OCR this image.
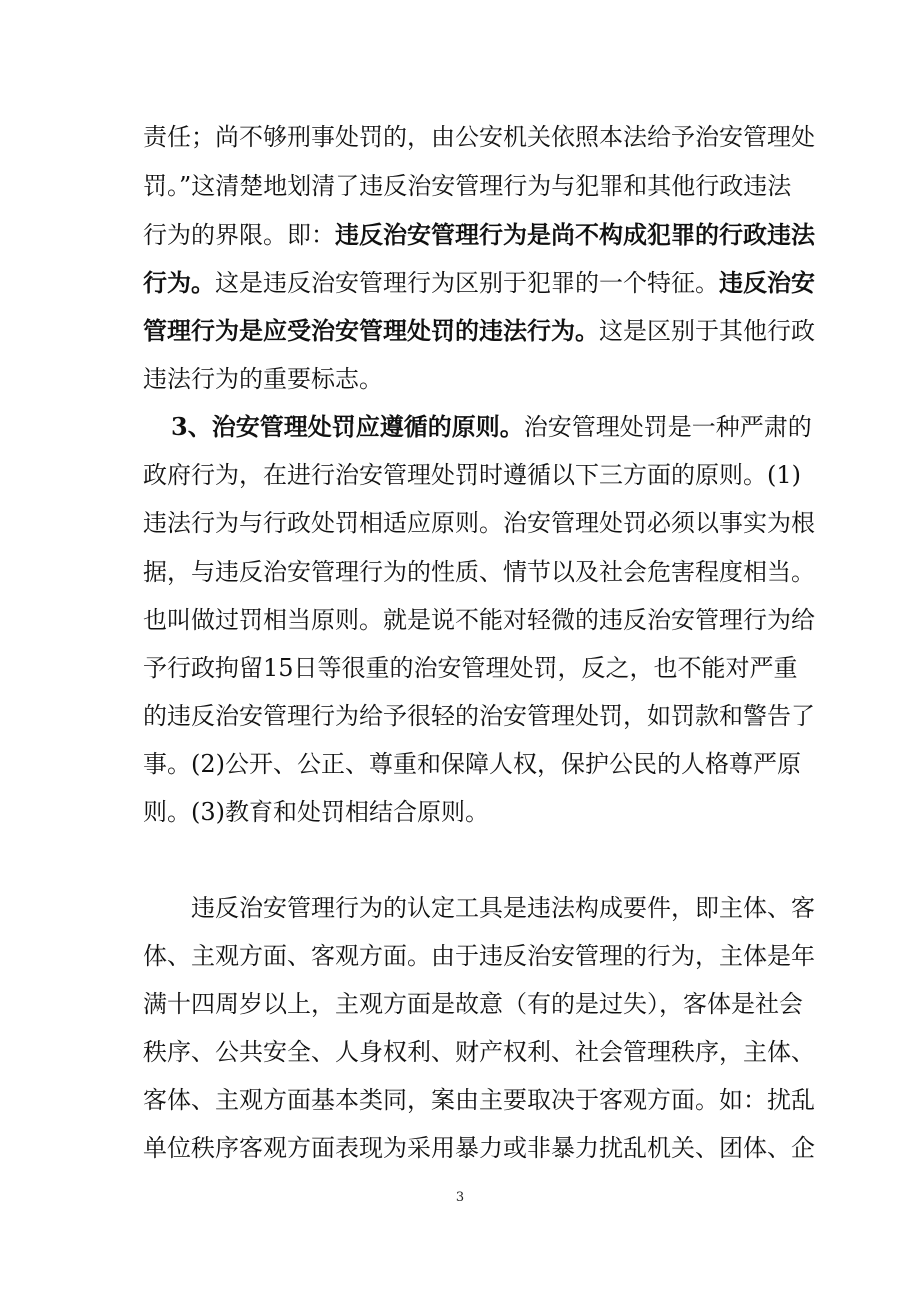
责任；尚不够刑事处罚的，由公安机关依照本法给予治安管理处
罚。”这清楚地划清了违反治安管理行为与犯罪和其他行政违法
行为的界限。即：违反治安管理行为是尚不构成犯罪的行政违法
行为。这是违反治安管理行为区别于犯罪的一个特征。违反治安
管理行为是应受治安管理处罚的违法行为。这是区别于其他行政
违法行为的重要标志。
3、治安管理处罚应遵循的原则。治安管理处罚是一种严肃的
政府行为，在进行治安管理处罚时遵循以下三方面的原则。(1)
违法行为与行政处罚相适应原则。治安管理处罚必须以事实为根
据，与违反治安管理行为的性质、情节以及社会危害程度相当。
也叫做过罚相当原则。就是说不能对轻微的违反治安管理行为给
予行政拘留15日等很重的治安管理处罚，反之，也不能对严重
的违反治安管理行为给予很轻的治安管理处罚，如罚款和警告了
事。(2)公开、公正、尊重和保障人权，保护公民的人格尊严原
则。(3)教育和处罚相结合原则。
违反治安管理行为的认定工具是违法构成要件，即主体、客
体、主观方面、客观方面。由于违反治安管理的行为，主体是年
满十四周岁以上，主观方面是故意（有的是过失），客体是社会
秩序、公共安全、人身权利、财产权利、社会管理秩序，主体、
客体、主观方面基本类同，案由主要取决于客观方面。如：扰乱
单位秩序客观方面表现为采用暴力或非暴力扰乱机关、团体、企
3
